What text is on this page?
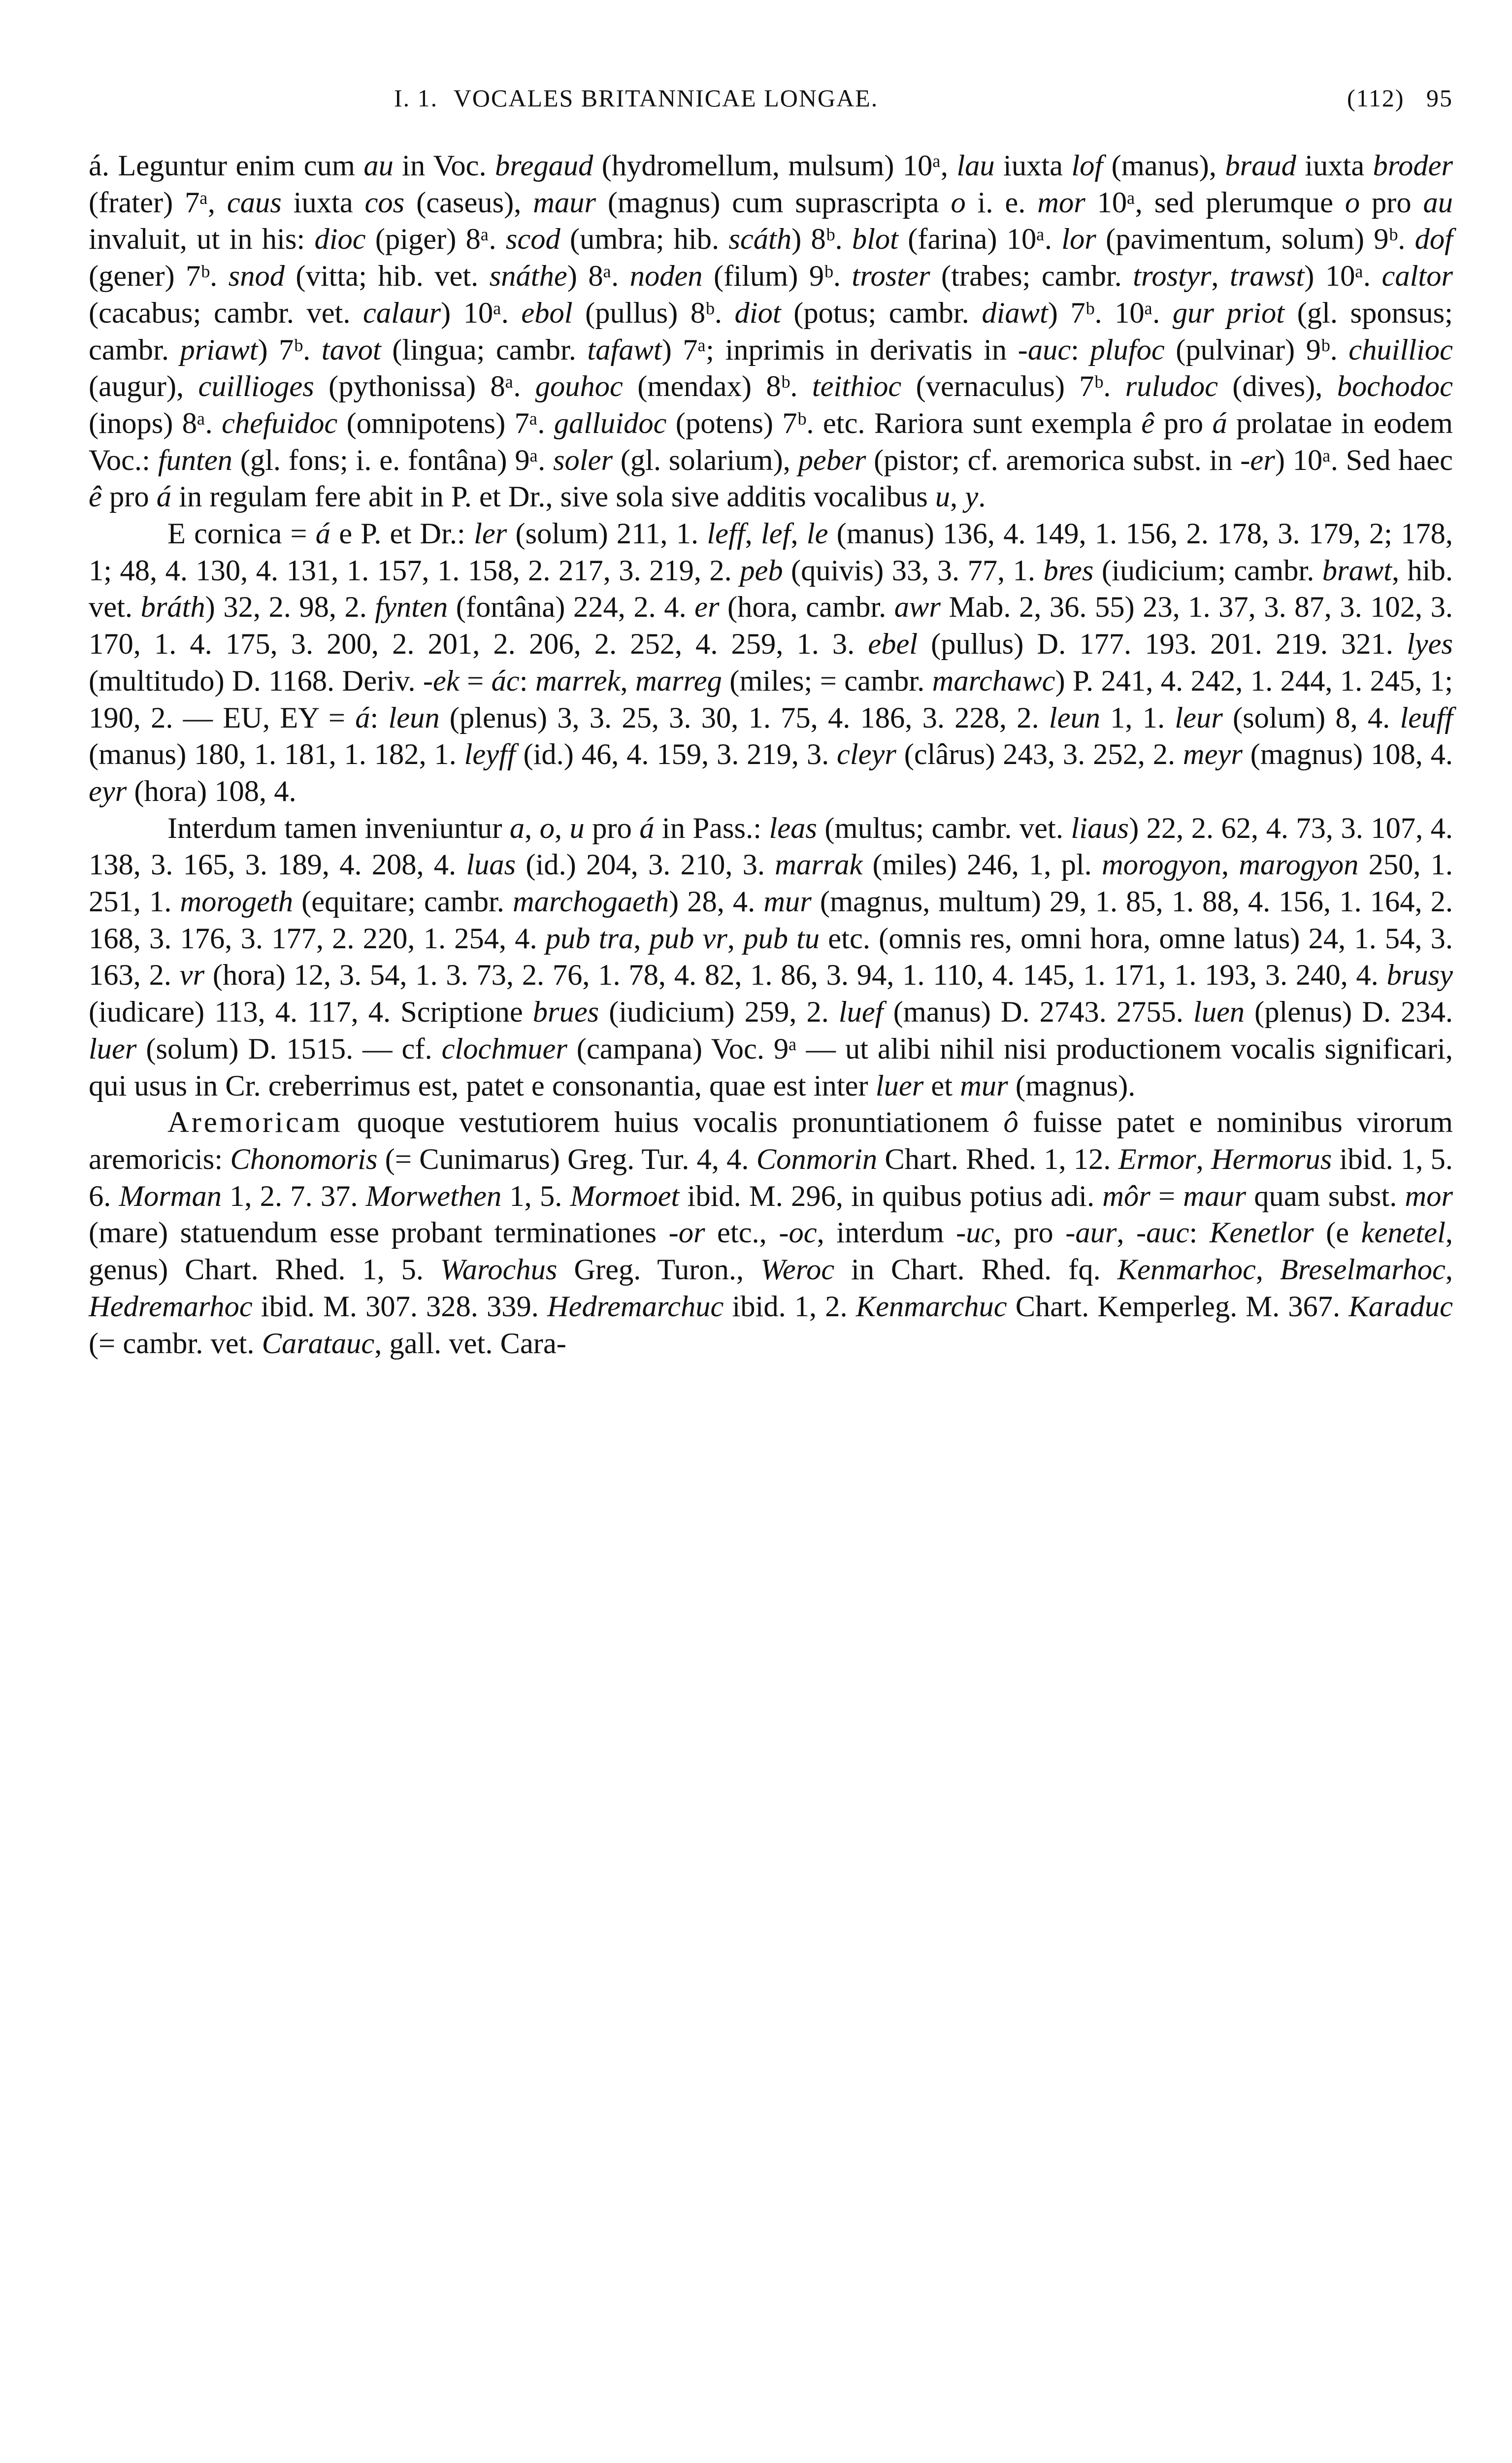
I. 1. VOCALES BRITANNICAE LONGAE.	(112) 95

á. Leguntur enim cum au in Voc. bregaud (hydromellum, mulsum) 10ᵃ, lau iuxta lof (manus), braud iuxta broder (frater) 7ᵃ, caus iuxta cos (caseus), maur (magnus) cum suprascripta o i. e. mor 10ᵃ, sed plerumque o pro au invaluit, ut in his: dioc (piger) 8ᵃ. scod (umbra; hib. scáth) 8ᵇ. blot (farina) 10ᵃ. lor (pavimentum, solum) 9ᵇ. dof (gener) 7ᵇ. snod (vitta; hib. vet. snáthe) 8ᵃ. noden (filum) 9ᵇ. troster (trabes; cambr. trostyr, trawst) 10ᵃ. caltor (cacabus; cambr. vet. calaur) 10ᵃ. ebol (pullus) 8ᵇ. diot (potus; cambr. diawt) 7ᵇ. 10ᵃ. gur priot (gl. sponsus; cambr. priawt) 7ᵇ. tavot (lingua; cambr. tafawt) 7ᵃ; inprimis in derivatis in -auc: plufoc (pulvinar) 9ᵇ. chuillioc (augur), cuillioges (pythonissa) 8ᵃ. gouhoc (mendax) 8ᵇ. teithioc (vernaculus) 7ᵇ. ruludoc (dives), bochodoc (inops) 8ᵃ. chefuidoc (omnipotens) 7ᵃ. galluidoc (potens) 7ᵇ. etc. Rariora sunt exempla ê pro á prolatae in eodem Voc.: funten (gl. fons; i. e. fontâna) 9ᵃ. soler (gl. solarium), peber (pistor; cf. aremorica subst. in -er) 10ᵃ. Sed haec ê pro á in regulam fere abit in P. et Dr., sive sola sive additis vocalibus u, y.

E cornica = á e P. et Dr.: ler (solum) 211, 1. leff, lef, le (manus) 136, 4. 149, 1. 156, 2. 178, 3. 179, 2; 178, 1; 48, 4. 130, 4. 131, 1. 157, 1. 158, 2. 217, 3. 219, 2. peb (quivis) 33, 3. 77, 1. bres (iudicium; cambr. brawt, hib. vet. bráth) 32, 2. 98, 2. fynten (fontâna) 224, 2. 4. er (hora, cambr. awr Mab. 2, 36. 55) 23, 1. 37, 3. 87, 3. 102, 3. 170, 1. 4. 175, 3. 200, 2. 201, 2. 206, 2. 252, 4. 259, 1. 3. ebel (pullus) D. 177. 193. 201. 219. 321. lyes (multitudo) D. 1168. Deriv. -ek = ác: marrek, marreg (miles; = cambr. marchawc) P. 241, 4. 242, 1. 244, 1. 245, 1; 190, 2. — EU, EY = á: leun (plenus) 3, 3. 25, 3. 30, 1. 75, 4. 186, 3. 228, 2. leun 1, 1. leur (solum) 8, 4. leuff (manus) 180, 1. 181, 1. 182, 1. leyff (id.) 46, 4. 159, 3. 219, 3. cleyr (clârus) 243, 3. 252, 2. meyr (magnus) 108, 4. eyr (hora) 108, 4.

Interdum tamen inveniuntur a, o, u pro á in Pass.: leas (multus; cambr. vet. liaus) 22, 2. 62, 4. 73, 3. 107, 4. 138, 3. 165, 3. 189, 4. 208, 4. luas (id.) 204, 3. 210, 3. marrak (miles) 246, 1, pl. morogyon, marogyon 250, 1. 251, 1. morogeth (equitare; cambr. marchogaeth) 28, 4. mur (magnus, multum) 29, 1. 85, 1. 88, 4. 156, 1. 164, 2. 168, 3. 176, 3. 177, 2. 220, 1. 254, 4. pub tra, pub vr, pub tu etc. (omnis res, omni hora, omne latus) 24, 1. 54, 3. 163, 2. vr (hora) 12, 3. 54, 1. 3. 73, 2. 76, 1. 78, 4. 82, 1. 86, 3. 94, 1. 110, 4. 145, 1. 171, 1. 193, 3. 240, 4. brusy (iudicare) 113, 4. 117, 4. Scriptione brues (iudicium) 259, 2. luef (manus) D. 2743. 2755. luen (plenus) D. 234. luer (solum) D. 1515. — cf. clochmuer (campana) Voc. 9ᵃ — ut alibi nihil nisi productionem vocalis significari, qui usus in Cr. creberrimus est, patet e consonantia, quae est inter luer et mur (magnus).

Aremoricam quoque vestutiorem huius vocalis pronuntiationem ô fuisse patet e nominibus virorum aremoricis: Chonomoris (= Cunimarus) Greg. Tur. 4, 4. Conmorin Chart. Rhed. 1, 12. Ermor, Hermorus ibid. 1, 5. 6. Morman 1, 2. 7. 37. Morwethen 1, 5. Mormoet ibid. M. 296, in quibus potius adi. môr = maur quam subst. mor (mare) statuendum esse probant terminationes -or etc., -oc, interdum -uc, pro -aur, -auc: Kenetlor (e kenetel, genus) Chart. Rhed. 1, 5. Warochus Greg. Turon., Weroc in Chart. Rhed. fq. Kenmarhoc, Breselmarhoc, Hedremarhoc ibid. M. 307. 328. 339. Hedremarchuc ibid. 1, 2. Kenmarchuc Chart. Kemperleg. M. 367. Karaduc (= cambr. vet. Caratauc, gall. vet. Cara-
